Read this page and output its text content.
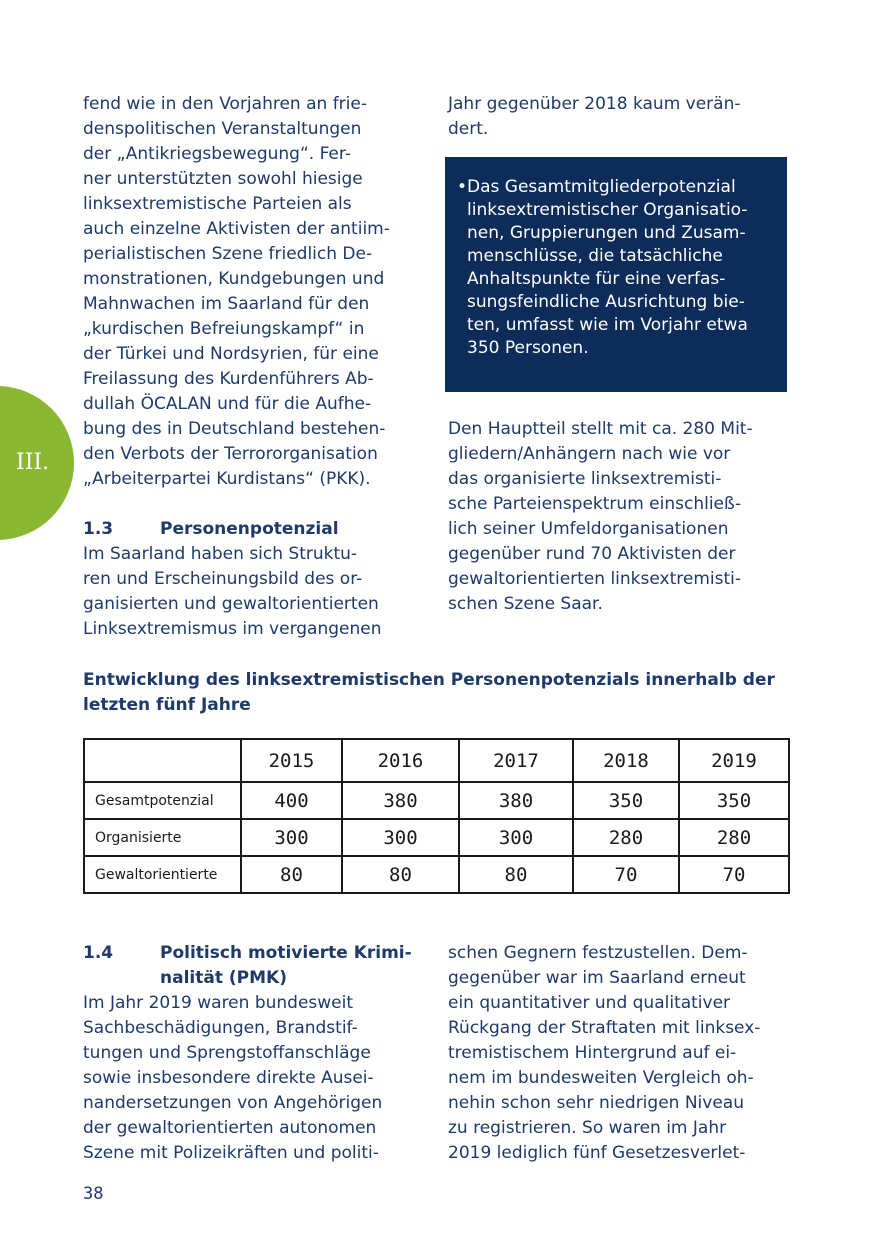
III.

fend wie in den Vorjahren an frie-
denspolitischen Veranstaltungen
der „Antikriegsbewegung“. Fer-
ner unterstützten sowohl hiesige
linksextremistische Parteien als
auch einzelne Aktivisten der antiim-
perialistischen Szene friedlich De-
monstrationen, Kundgebungen und
Mahnwachen im Saarland für den
„kurdischen Befreiungskampf“ in
der Türkei und Nordsyrien, für eine
Freilassung des Kurdenführers Ab-
dullah ÖCALAN und für die Aufhe-
bung des in Deutschland bestehen-
den Verbots der Terrororganisation
„Arbeiterpartei Kurdistans“ (PKK).

1.3	Personenpotenzial

Im Saarland haben sich Struktu-
ren und Erscheinungsbild des or-
ganisierten und gewaltorientierten
Linksextremismus im vergangenen

Jahr gegenüber 2018 kaum verän-
dert.

• Das Gesamtmitgliederpotenzial
linksextremistischer Organisatio-
nen, Gruppierungen und Zusam-
menschlüsse, die tatsächliche
Anhaltspunkte für eine verfas-
sungsfeindliche Ausrichtung bie-
ten, umfasst wie im Vorjahr etwa
350 Personen.

Den Hauptteil stellt mit ca. 280 Mit-
gliedern/Anhängern nach wie vor
das organisierte linksextremisti-
sche Parteienspektrum einschließ-
lich seiner Umfeldorganisationen
gegenüber rund 70 Aktivisten der
gewaltorientierten linksextremisti-
schen Szene Saar.

Entwicklung des linksextremistischen Personenpotenzials innerhalb der
letzten fünf Jahre

	2015	2016	2017	2018	2019
Gesamtpotenzial	400	380	380	350	350
Organisierte	300	300	300	280	280
Gewaltorientierte	80	80	80	70	70
1.4	Politisch motivierte Krimi-
nalität (PMK)

Im Jahr 2019 waren bundesweit
Sachbeschädigungen, Brandstif-
tungen und Sprengstoffanschläge
sowie insbesondere direkte Ausei-
nandersetzungen von Angehörigen
der gewaltorientierten autonomen
Szene mit Polizeikräften und politi-

schen Gegnern festzustellen. Dem-
gegenüber war im Saarland erneut
ein quantitativer und qualitativer
Rückgang der Straftaten mit linksex-
tremistischem Hintergrund auf ei-
nem im bundesweiten Vergleich oh-
nehin schon sehr niedrigen Niveau
zu registrieren. So waren im Jahr
2019 lediglich fünf Gesetzesverlet-

38
